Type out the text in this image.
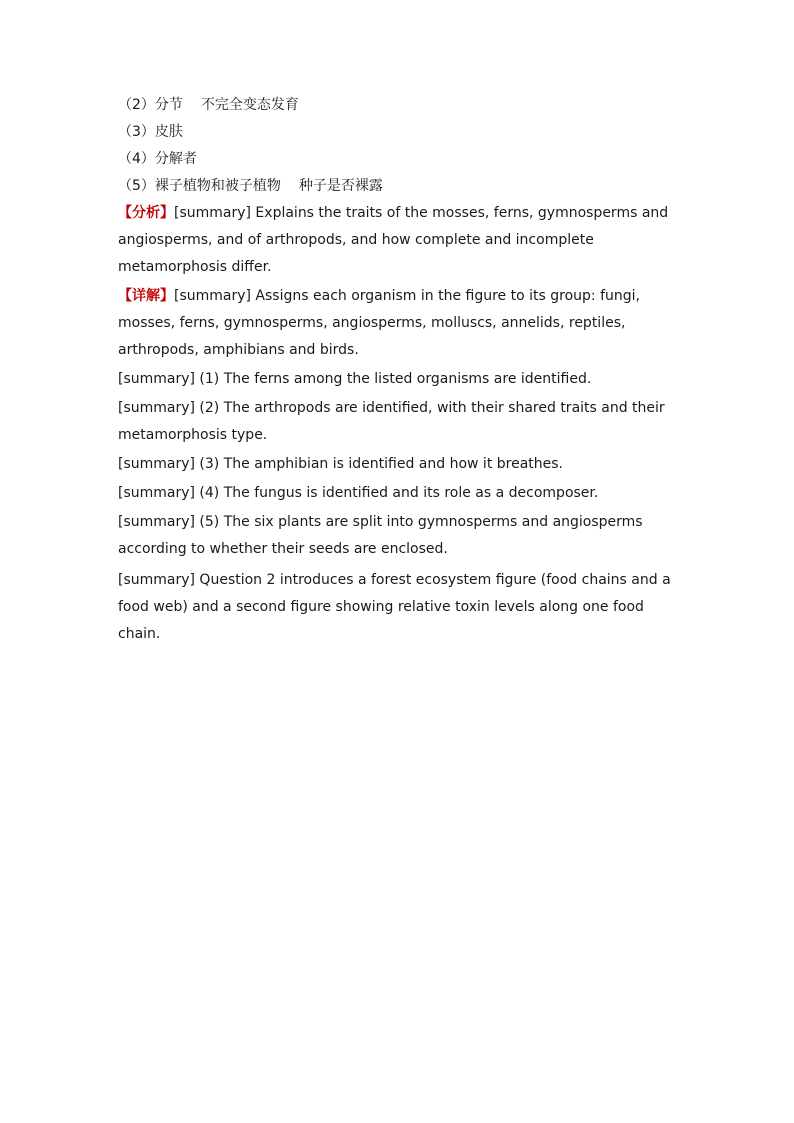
（2）分节 不完全变态发育
（3）皮肤
（4）分解者
（5）裸子植物和被子植物 种子是否裸露

【分析】[summary] Explains the traits of the mosses, ferns, gymnosperms and angiosperms, and of arthropods, and how complete and incomplete metamorphosis differ.

【详解】[summary] Assigns each organism in the figure to its group: fungi, mosses, ferns, gymnosperms, angiosperms, molluscs, annelids, reptiles, arthropods, amphibians and birds.

[summary] (1) The ferns among the listed organisms are identified.

[summary] (2) The arthropods are identified, with their shared traits and their metamorphosis type.

[summary] (3) The amphibian is identified and how it breathes.

[summary] (4) The fungus is identified and its role as a decomposer.

[summary] (5) The six plants are split into gymnosperms and angiosperms according to whether their seeds are enclosed.

[summary] Question 2 introduces a forest ecosystem figure (food chains and a food web) and a second figure showing relative toxin levels along one food chain.
